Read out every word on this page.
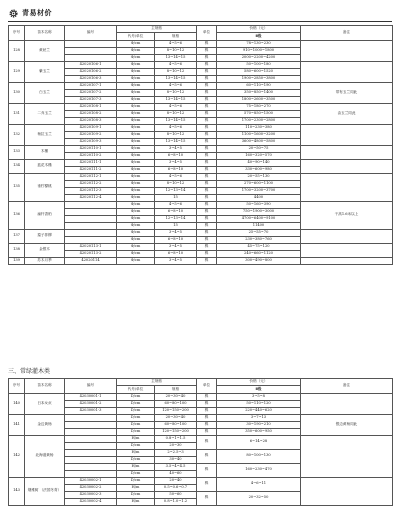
青易材价
序号	苗木名称	编号	主规格		单位	价格（元）	备注
			代号/单位	规格		Ⅱ级	
128	黄丝兰		Φ/cm	4~5~6	株	78~130~230	
			Φ/cm	8~10~12	株	910~1000~1800	
			Φ/cm	13~14~15	株	2000~2200~4200	
129	紫玉兰	42020106-1	Φ/cm	4~5~6	株	50~100~180	
		42020106-2	Φ/cm	8~10~12	株	580~600~1520	
		42020106-3	Φ/cm	13~14~15	株	1900~2850~3800	
130	白玉兰	42020107-1	Φ/cm	4~5~6	株	60~110~190	带有玉兰同此
		42020107-2	Φ/cm	8~10~12	株	350~850~1400	
		42020107-3	Φ/cm	13~14~15	株	1800~2600~3500	
131	二乔玉兰	42020108-1	Φ/cm	4~5~6	株	75~180~270	由玉兰同此
		42020108-2	Φ/cm	8~10~12	株	570~850~1500	
		42020108-3	Φ/cm	13~14~15	株	1700~2300~2800	
132	杨拉玉兰	42020109-1	Φ/cm	4~5~6	株	110~230~380	
		42020109-2	Φ/cm	8~10~12	株	1100~1600~3200	
		42020109-3	Φ/cm	13~14~15	株	3600~4800~5800	
133	木槿	42020110-1	Φ/cm	3~4~5	株	20~50~75	
		42020110-2	Φ/cm	6~8~10	株	160~320~570	
134	蓝花木槿	42020111-1	Φ/cm	3~4~5	株	40~90~140	
		42020111-2	Φ/cm	6~8~10	株	330~600~980	
135	垂柠檬桃	42020112-1	Φ/cm	4~5~6	株	20~55~130	
		42020112-2	Φ/cm	8~10~12	株	270~600~1100	
		42020112-3	Φ/cm	12~13~14	株	1700~3200~3700	
		42020112-4	Φ/cm	15	株	4400	
136	扁杆香柏		Φ/cm	4~5~6	株	50~160~390	干高1.6米以上
			Φ/cm	6~8~10	株	750~1900~3000	
			Φ/cm	12~13~14	株	4700~6400~9100	
			Φ/cm	15	株	11400	
137	猿子拌柳		Φ/cm	3~4~5	株	25~55~70	
			Φ/cm	6~8~10	株	230~380~760	
138	金银木	42020113-1	Φ/cm	3~4~5	株	45~75~120	
		42020113-2	Φ/cm	6~8~10	株	240~660~1120	
139	苏木月季	42020114	Φ/cm	3~4~5	株	300~490~800	
三、常绿灌木类
序号	苗木名称	编号	主规格		单位	价格（元）	备注
			代号/单位	规格		Ⅱ级	
140	日本女贞	42030001-1	D/cm	20~30~40	株	3~5~8	
		42030001-2	D/cm	60~80~100	株	50~110~120	
		42030001-3	D/cm	120~150~200	株	220~440~620	
141	金边黄杨		D/cm	20~30~40	株	3~7~13	银边黄杨同此
			D/cm	60~80~100	株	30~190~210	
			D/cm	120~150~200	株	350~600~950	
142	北海道黄杨		H/m	0.8~1~1.5	株	6~14~28	
			D/cm	20~30			
			H/m	2~2.5~3	株	80~100~130	
			D/cm	30~40			
			H/m	3.5~4~4.5	株	160~230~470	
			D/cm	40~60			
143	烟维树 （法国冬青）	42030002-1	D/cm	20~40	株	4~6~11	
		42030002-2	H/m	0.5~0.6~0.7			
		42030002-3	D/cm	50~60	株	20~32~50	
		42030002-4	H/m	0.8~1.0~1.2			
